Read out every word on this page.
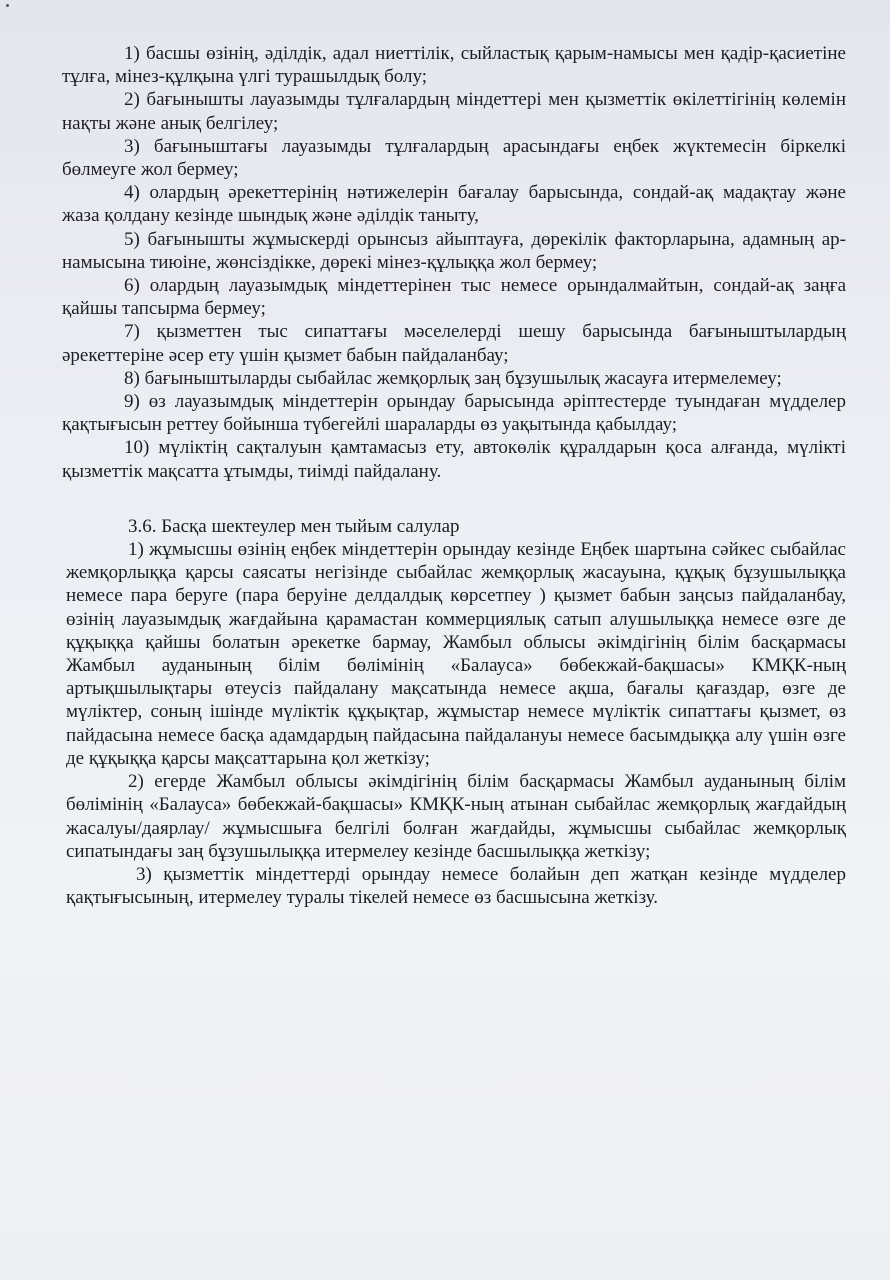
1) басшы өзінің, әділдік, адал ниеттілік, сыйластық қарым-намысы мен қадір-қасиетіне тұлға, мінез-құлқына үлгі турашылдық болу;

2) бағынышты лауазымды тұлғалардың міндеттері мен қызметтік өкілеттігінің көлемін нақты және анық белгілеу;

3) бағыныштағы лауазымды тұлғалардың арасындағы еңбек жүктемесін біркелкі бөлмеуге жол бермеу;

4) олардың әрекеттерінің нәтижелерін бағалау барысында, сондай-ақ мадақтау және жаза қолдану кезінде шындық және әділдік таныту,

5) бағынышты жұмыскерді орынсыз айыптауға, дөрекілік факторларына, адамның ар-намысына тиюіне, жөнсіздікке, дөрекі мінез-құлыққа жол бермеу;

6) олардың лауазымдық міндеттерінен тыс немесе орындалмайтын, сондай-ақ заңға қайшы тапсырма бермеу;

7) қызметтен тыс сипаттағы мәселелерді шешу барысында бағыныштылардың әрекеттеріне әсер ету үшін қызмет бабын пайдаланбау;

8) бағыныштыларды сыбайлас жемқорлық заң бұзушылық жасауға итермелемеу;

9) өз лауазымдық міндеттерін орындау барысында әріптестерде туындаған мүдделер қақтығысын реттеу бойынша түбегейлі шараларды өз уақытында қабылдау;

10) мүліктің сақталуын қамтамасыз ету, автокөлік құралдарын қоса алғанда, мүлікті қызметтік мақсатта ұтымды, тиімді пайдалану.

3.6. Басқа шектеулер мен тыйым салулар

1) жұмысшы өзінің еңбек міндеттерін орындау кезінде Еңбек шартына сәйкес сыбайлас жемқорлыққа қарсы саясаты негізінде сыбайлас жемқорлық жасауына, құқық бұзушылыққа немесе пара беруге (пара беруіне делдалдық көрсетпеу ) қызмет бабын заңсыз пайдаланбау, өзінің лауазымдық жағдайына қарамастан коммерциялық сатып алушылыққа немесе өзге де құқыққа қайшы болатын әрекетке бармау, Жамбыл облысы әкімдігінің білім басқармасы Жамбыл ауданының білім бөлімінің «Балауса» бөбекжай-бақшасы» КМҚК-ның артықшылықтары өтеусіз пайдалану мақсатында немесе ақша, бағалы қағаздар, өзге де мүліктер, соның ішінде мүліктік құқықтар, жұмыстар немесе мүліктік сипаттағы қызмет, өз пайдасына немесе басқа адамдардың пайдасына пайдалануы немесе басымдыққа алу үшін өзге де құқыққа қарсы мақсаттарына қол жеткізу;

2) егерде Жамбыл облысы әкімдігінің білім басқармасы Жамбыл ауданының білім бөлімінің «Балауса» бөбекжай-бақшасы» КМҚК-ның атынан сыбайлас жемқорлық жағдайдың жасалуы/даярлау/ жұмысшыға белгілі болған жағдайды, жұмысшы сыбайлас жемқорлық сипатындағы заң бұзушылыққа итермелеу кезінде басшылыққа жеткізу;

3) қызметтік міндеттерді орындау немесе болайын деп жатқан кезінде мүдделер қақтығысының, итермелеу туралы тікелей немесе өз басшысына жеткізу.
